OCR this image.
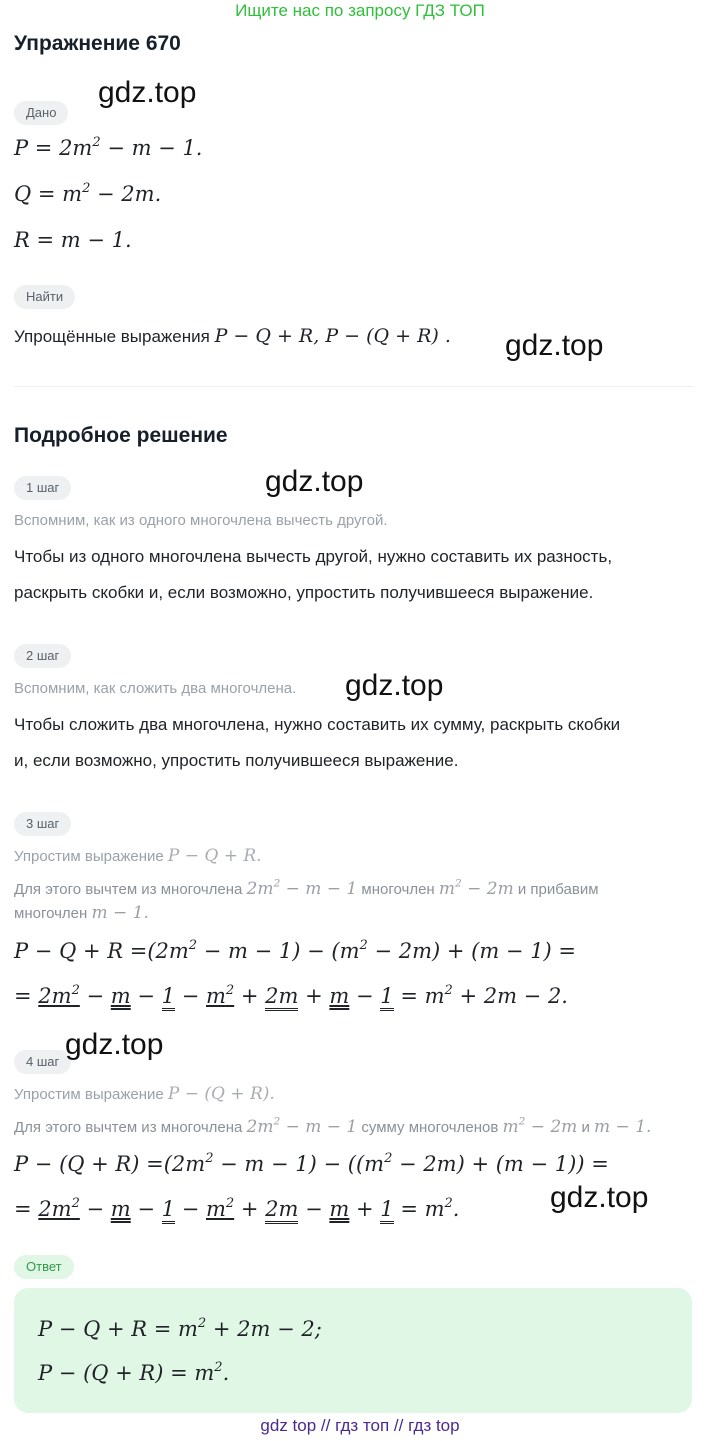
Ищите нас по запросу ГДЗ ТОП
Упражнение 670
Дано
$P = 2m^2 - m - 1$.
$Q = m^2 - 2m$.
R = m − 1.
Найти
Упрощённые выражения P − Q + R, P − (Q + R) .
Подробное решение
1 шаг
Вспомним, как из одного многочлена вычесть другой.
Чтобы из одного многочлена вычесть другой, нужно составить их разность,
раскрыть скобки и, если возможно, упростить получившееся выражение.
2 шаг
Вспомним, как сложить два многочлена.
Чтобы сложить два многочлена, нужно составить их сумму, раскрыть скобки
и, если возможно, упростить получившееся выражение.
3 шаг
Упростим выражение P − Q + R.
Для этого вычтем из многочлена $2m^2 - m - 1$ многочлен $m^2 - 2m$ и прибавим
многочлен m − 1.
$P - Q + R =(2m^2 - m - 1) - (m^2 - 2m) + (m - 1)$ =
= $2m^2 - m - 1 - m^2 + 2m + m - 1 = m^2 + 2m - 2$.
4 шаг
Упростим выражение P − (Q + R).
Для этого вычтем из многочлена $2m^2 - m - 1$ сумму многочленов $m^2 - 2m$ и m − 1.
$P - (Q + R) =(2m^2 - m - 1) - ((m^2 - 2m) + (m - 1))$ =
= $2m^2 - m - 1 - m^2 + 2m - m + 1 = m^2$.
Ответ
$P - Q + R = m^2 + 2m - 2$;
$P - (Q + R) = m^2$.
gdz.top
gdz.top
gdz.top
gdz.top
gdz.top
gdz.top
gdz top // гдз топ // гдз top
